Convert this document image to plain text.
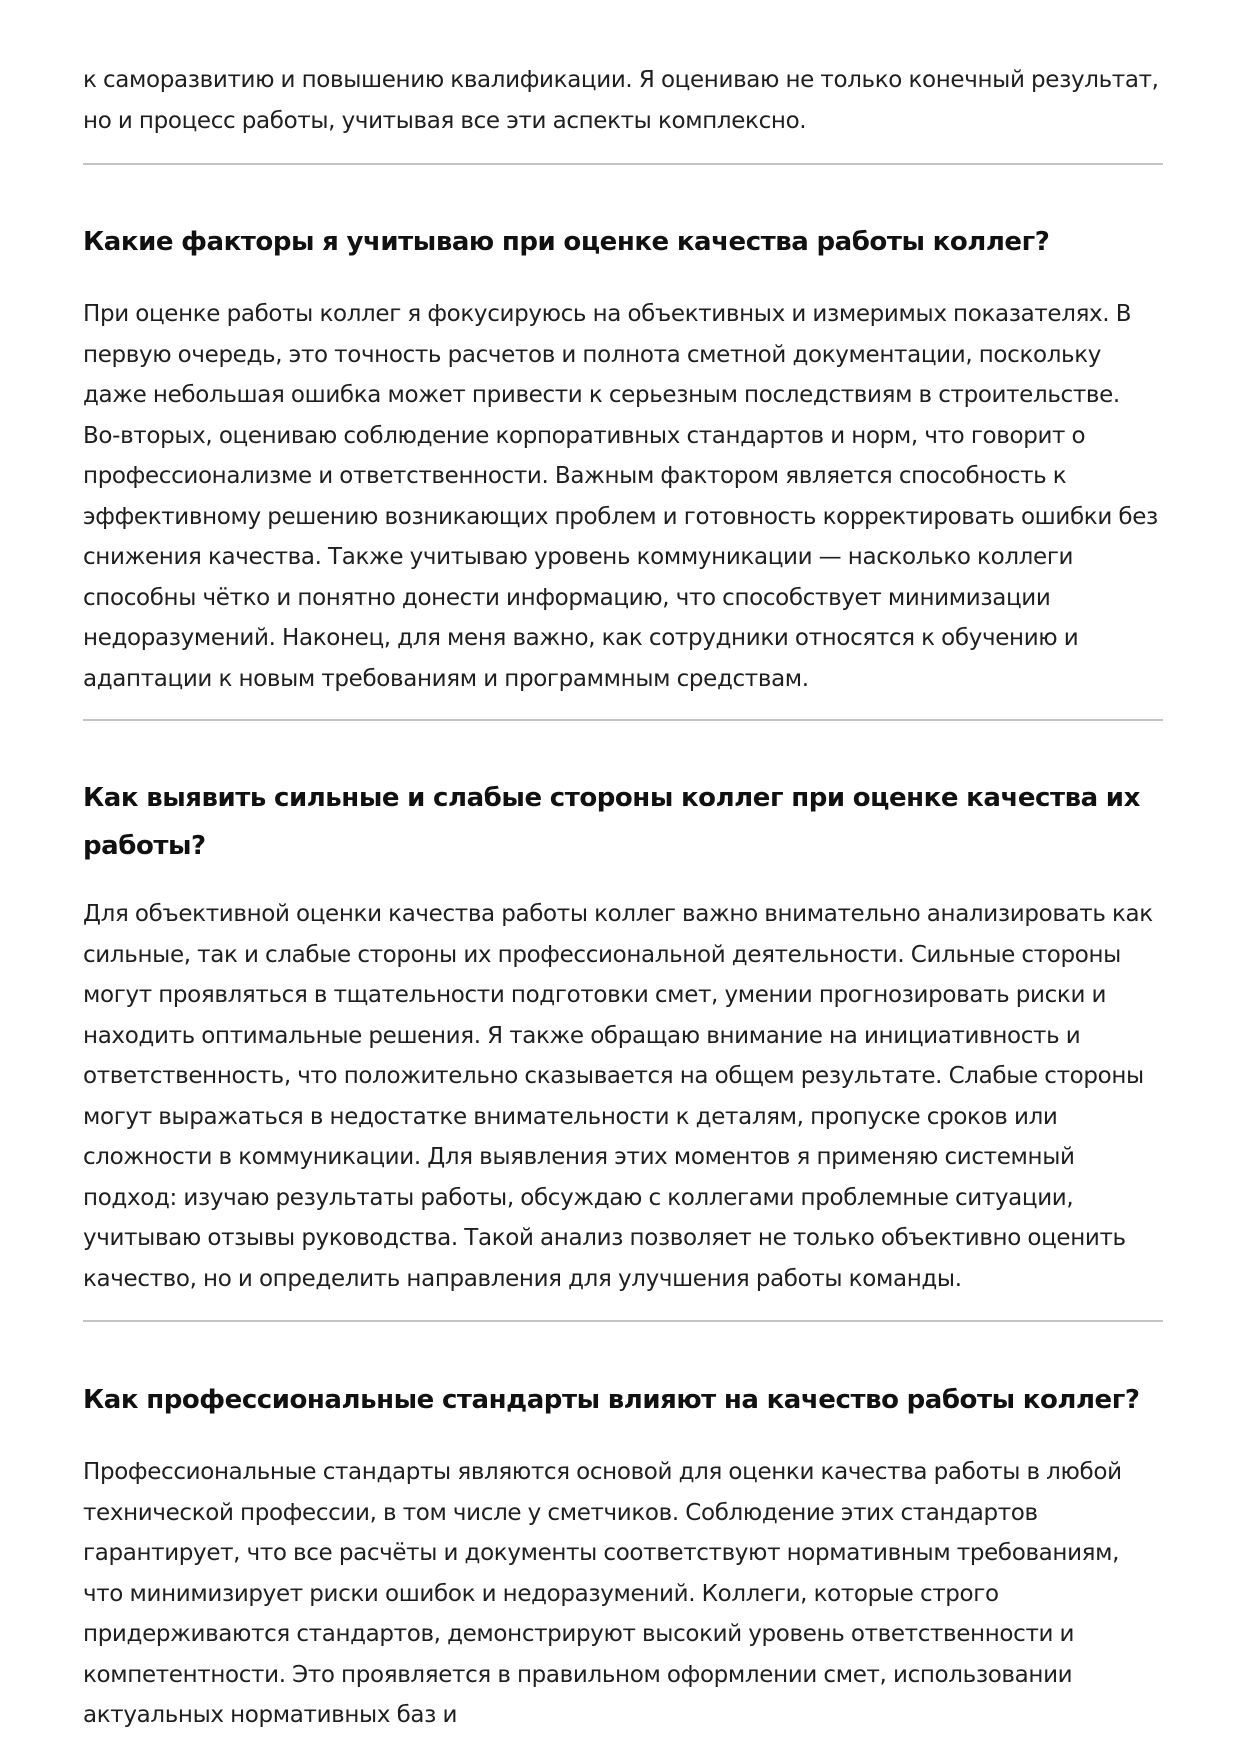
к саморазвитию и повышению квалификации. Я оцениваю не только конечный результат, но и процесс работы, учитывая все эти аспекты комплексно.

Какие факторы я учитываю при оценке качества работы коллег?

При оценке работы коллег я фокусируюсь на объективных и измеримых показателях. В первую очередь, это точность расчетов и полнота сметной документации, поскольку даже небольшая ошибка может привести к серьезным последствиям в строительстве. Во-вторых, оцениваю соблюдение корпоративных стандартов и норм, что говорит о профессионализме и ответственности. Важным фактором является способность к эффективному решению возникающих проблем и готовность корректировать ошибки без снижения качества. Также учитываю уровень коммуникации — насколько коллеги способны чётко и понятно донести информацию, что способствует минимизации недоразумений. Наконец, для меня важно, как сотрудники относятся к обучению и адаптации к новым требованиям и программным средствам.

Как выявить сильные и слабые стороны коллег при оценке качества их работы?

Для объективной оценки качества работы коллег важно внимательно анализировать как сильные, так и слабые стороны их профессиональной деятельности. Сильные стороны могут проявляться в тщательности подготовки смет, умении прогнозировать риски и находить оптимальные решения. Я также обращаю внимание на инициативность и ответственность, что положительно сказывается на общем результате. Слабые стороны могут выражаться в недостатке внимательности к деталям, пропуске сроков или сложности в коммуникации. Для выявления этих моментов я применяю системный подход: изучаю результаты работы, обсуждаю с коллегами проблемные ситуации, учитываю отзывы руководства. Такой анализ позволяет не только объективно оценить качество, но и определить направления для улучшения работы команды.

Как профессиональные стандарты влияют на качество работы коллег?

Профессиональные стандарты являются основой для оценки качества работы в любой технической профессии, в том числе у сметчиков. Соблюдение этих стандартов гарантирует, что все расчёты и документы соответствуют нормативным требованиям, что минимизирует риски ошибок и недоразумений. Коллеги, которые строго придерживаются стандартов, демонстрируют высокий уровень ответственности и компетентности. Это проявляется в правильном оформлении смет, использовании актуальных нормативных баз и
